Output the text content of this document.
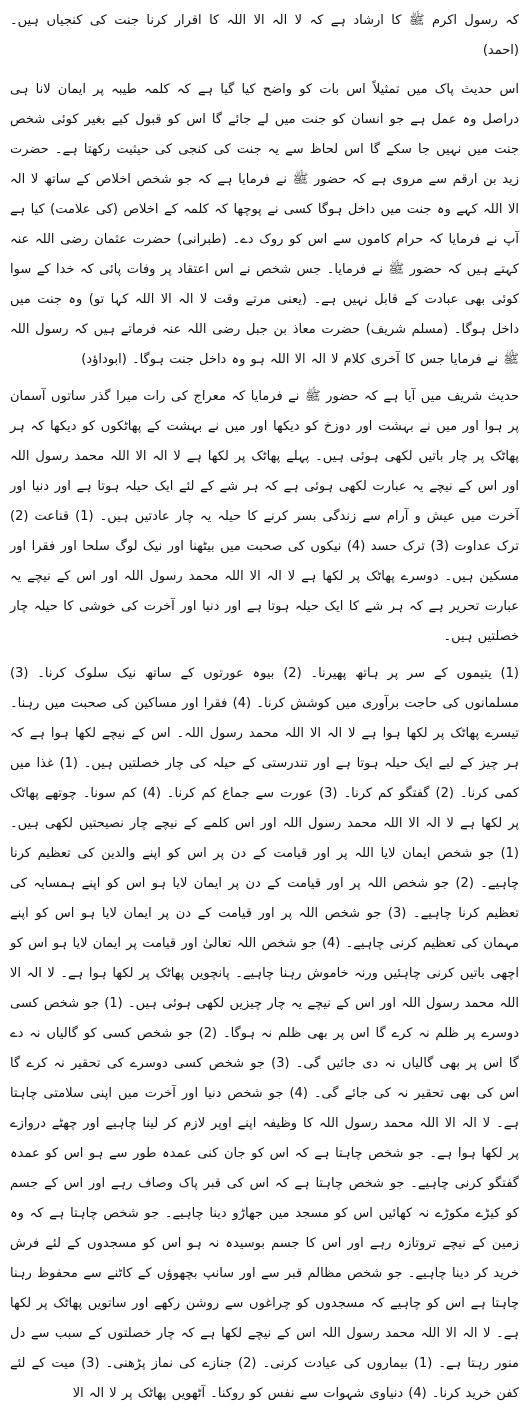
کہ رسول اکرم ﷺ کا ارشاد ہے کہ لا الہ الا اللہ کا اقرار کرنا جنت کی کنجیاں ہیں۔ (احمد)

اس حدیث پاک میں تمثیلاً اس بات کو واضح کیا گیا ہے کہ کلمہ طیبہ پر ایمان لانا ہی دراصل وہ عمل ہے جو انسان کو جنت میں لے جائے گا اس کو قبول کیے بغیر کوئی شخص جنت میں نہیں جا سکے گا اس لحاظ سے یہ جنت کی کنجی کی حیثیت رکھتا ہے۔ حضرت زید بن ارقم سے مروی ہے کہ حضور ﷺ نے فرمایا ہے کہ جو شخص اخلاص کے ساتھ لا الہ الا اللہ کہے وہ جنت میں داخل ہوگا کسی نے پوچھا کہ کلمہ کے اخلاص (کی علامت) کیا ہے آپ نے فرمایا کہ حرام کاموں سے اس کو روک دے۔ (طبرانی) حضرت عثمان رضی اللہ عنہ کہتے ہیں کہ حضور ﷺ نے فرمایا۔ جس شخص نے اس اعتقاد پر وفات پائی کہ خدا کے سوا کوئی بھی عبادت کے قابل نہیں ہے۔ (یعنی مرتے وقت لا الہ الا اللہ کہا تو) وہ جنت میں داخل ہوگا۔ (مسلم شریف) حضرت معاذ بن جبل رضی اللہ عنہ فرماتے ہیں کہ رسول اللہ ﷺ نے فرمایا جس کا آخری کلام لا الہ الا اللہ ہو وہ داخل جنت ہوگا۔ (ابوداؤد)

حدیث شریف میں آیا ہے کہ حضور ﷺ نے فرمایا کہ معراج کی رات میرا گذر ساتوں آسمان پر ہوا اور میں نے بہشت اور دوزخ کو دیکھا اور میں نے بہشت کے پھاٹکوں کو دیکھا کہ ہر پھاٹک پر چار باتیں لکھی ہوئی ہیں۔ پہلے پھاٹک پر لکھا ہے لا الہ الا اللہ محمد رسول اللہ اور اس کے نیچے یہ عبارت لکھی ہوئی ہے کہ ہر شے کے لئے ایک حیلہ ہوتا ہے اور دنیا اور آخرت میں عیش و آرام سے زندگی بسر کرنے کا حیلہ یہ چار عادتیں ہیں۔ (1) قناعت (2) ترک عداوت (3) ترک حسد (4) نیکوں کی صحبت میں بیٹھنا اور نیک لوگ سلحا اور فقرا اور مسکین ہیں۔ دوسرے پھاٹک پر لکھا ہے لا الہ الا اللہ محمد رسول اللہ اور اس کے نیچے یہ عبارت تحریر ہے کہ ہر شے کا ایک حیلہ ہوتا ہے اور دنیا اور آخرت کی خوشی کا حیلہ چار خصلتیں ہیں۔

(1) یتیموں کے سر پر ہاتھ پھیرنا۔ (2) بیوہ عورتوں کے ساتھ نیک سلوک کرنا۔ (3) مسلمانوں کی حاجت برآوری میں کوشش کرنا۔ (4) فقرا اور مساکین کی صحبت میں رہنا۔ تیسرے پھاٹک پر لکھا ہوا ہے لا الہ الا اللہ محمد رسول اللہ۔ اس کے نیچے لکھا ہوا ہے کہ ہر چیز کے لیے ایک حیلہ ہوتا ہے اور تندرستی کے حیلہ کی چار خصلتیں ہیں۔ (1) غذا میں کمی کرنا۔ (2) گفتگو کم کرنا۔ (3) عورت سے جماع کم کرنا۔ (4) کم سونا۔ چوتھے پھاٹک پر لکھا ہے لا الہ الا اللہ محمد رسول اللہ اور اس کلمے کے نیچے چار نصیحتیں لکھی ہیں۔ (1) جو شخص ایمان لایا اللہ پر اور قیامت کے دن پر اس کو اپنے والدین کی تعظیم کرنا چاہیے۔ (2) جو شخص اللہ پر اور قیامت کے دن پر ایمان لایا ہو اس کو اپنے ہمسایہ کی تعظیم کرنا چاہیے۔ (3) جو شخص اللہ پر اور قیامت کے دن پر ایمان لایا ہو اس کو اپنے مہمان کی تعظیم کرنی چاہیے۔ (4) جو شخص اللہ تعالیٰ اور قیامت پر ایمان لایا ہو اس کو اچھی باتیں کرنی چاہئیں ورنہ خاموش رہنا چاہیے۔ پانچویں پھاٹک پر لکھا ہوا ہے۔ لا الہ الا اللہ محمد رسول اللہ اور اس کے نیچے یہ چار چیزیں لکھی ہوئی ہیں۔ (1) جو شخص کسی دوسرے پر ظلم نہ کرے گا اس پر بھی ظلم نہ ہوگا۔ (2) جو شخص کسی کو گالیاں نہ دے گا اس پر بھی گالیاں نہ دی جائیں گی۔ (3) جو شخص کسی دوسرے کی تحقیر نہ کرے گا اس کی بھی تحقیر نہ کی جائے گی۔ (4) جو شخص دنیا اور آخرت میں اپنی سلامتی چاہتا ہے۔ لا الہ الا اللہ محمد رسول اللہ کا وظیفہ اپنے اوپر لازم کر لینا چاہیے اور چھٹے دروازے پر لکھا ہوا ہے۔ جو شخص چاہتا ہے کہ اس کو جان کنی عمدہ طور سے ہو اس کو عمدہ گفتگو کرنی چاہیے۔ جو شخص چاہتا ہے کہ اس کی قبر پاک وصاف رہے اور اس کے جسم کو کیڑے مکوڑے نہ کھائیں اس کو مسجد میں جھاڑو دینا چاہیے۔ جو شخص چاہتا ہے کہ وہ زمین کے نیچے تروتازہ رہے اور اس کا جسم بوسیدہ نہ ہو اس کو مسجدوں کے لئے فرش خرید کر دینا چاہیے۔ جو شخص مظالم قبر سے اور سانپ بچھوؤں کے کاٹنے سے محفوظ رہنا چاہتا ہے اس کو چاہیے کہ مسجدوں کو چراغوں سے روشن رکھے اور ساتویں پھاٹک پر لکھا ہے۔ لا الہ الا اللہ محمد رسول اللہ اس کے نیچے لکھا ہے کہ چار خصلتوں کے سبب سے دل منور رہتا ہے۔ (1) بیماروں کی عیادت کرنی۔ (2) جنازے کی نماز پڑھنی۔ (3) میت کے لئے کفن خرید کرنا۔ (4) دنیاوی شہوات سے نفس کو روکنا۔ آٹھویں پھاٹک پر لا الہ الا
